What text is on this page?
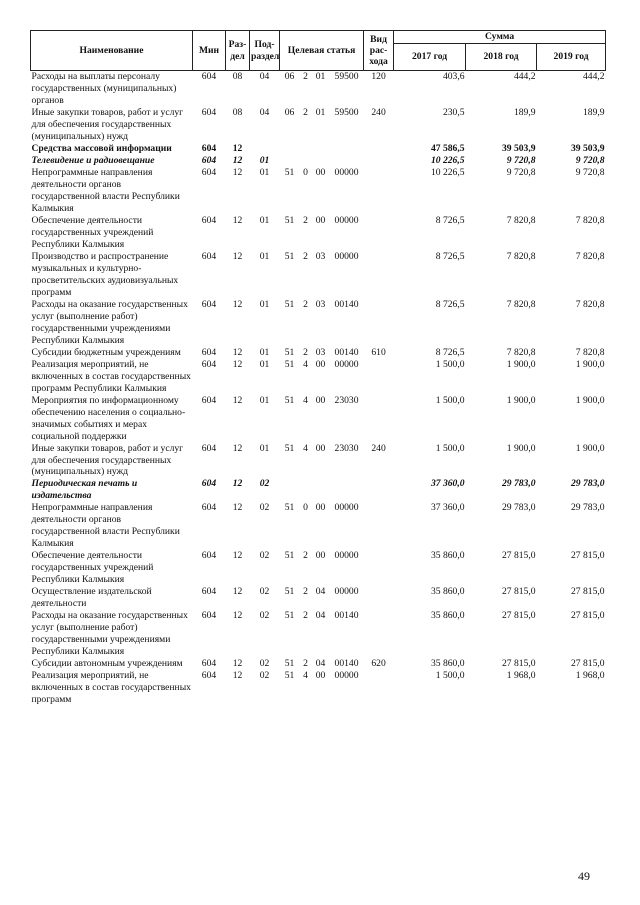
Наименование	Мин	Раз-дел	Под-раздел	Целевая статья				Вид рас-хода	Сумма		
									2017 год	2018 год	2019 год
Расходы на выплаты персоналу государственных (муниципальных) органов	604	08	04	06	2	01	59500	120	403,6	444,2	444,2
Иные закупки товаров, работ и услуг для обеспечения государственных (муниципальных) нужд	604	08	04	06	2	01	59500	240	230,5	189,9	189,9
Средства массовой информации	604	12							47 586,5	39 503,9	39 503,9
Телевидение и радиовещание	604	12	01						10 226,5	9 720,8	9 720,8
Непрограммные направления деятельности органов государственной власти Республики Калмыкия	604	12	01	51	0	00	00000		10 226,5	9 720,8	9 720,8
Обеспечение деятельности государственных учреждений Республики Калмыкия	604	12	01	51	2	00	00000		8 726,5	7 820,8	7 820,8
Производство и распространение музыкальных и культурно-просветительских аудиовизуальных программ	604	12	01	51	2	03	00000		8 726,5	7 820,8	7 820,8
Расходы на оказание государственных услуг (выполнение работ) государственными учреждениями Республики Калмыкия	604	12	01	51	2	03	00140		8 726,5	7 820,8	7 820,8
Субсидии бюджетным учреждениям	604	12	01	51	2	03	00140	610	8 726,5	7 820,8	7 820,8
Реализация мероприятий, не включенных в состав государственных программ Республики Калмыкия	604	12	01	51	4	00	00000		1 500,0	1 900,0	1 900,0
Мероприятия по информационному обеспечению населения о социально-значимых событиях и мерах социальной поддержки	604	12	01	51	4	00	23030		1 500,0	1 900,0	1 900,0
Иные закупки товаров, работ и услуг для обеспечения государственных (муниципальных) нужд	604	12	01	51	4	00	23030	240	1 500,0	1 900,0	1 900,0
Периодическая печать и издательства	604	12	02						37 360,0	29 783,0	29 783,0
Непрограммные направления деятельности органов государственной власти Республики Калмыкия	604	12	02	51	0	00	00000		37 360,0	29 783,0	29 783,0
Обеспечение деятельности государственных учреждений Республики Калмыкия	604	12	02	51	2	00	00000		35 860,0	27 815,0	27 815,0
Осуществление издательской деятельности	604	12	02	51	2	04	00000		35 860,0	27 815,0	27 815,0
Расходы на оказание государственных услуг (выполнение работ) государственными учреждениями Республики Калмыкия	604	12	02	51	2	04	00140		35 860,0	27 815,0	27 815,0
Субсидии автономным учреждениям	604	12	02	51	2	04	00140	620	35 860,0	27 815,0	27 815,0
Реализация мероприятий, не включенных в состав государственных программ	604	12	02	51	4	00	00000		1 500,0	1 968,0	1 968,0
49
